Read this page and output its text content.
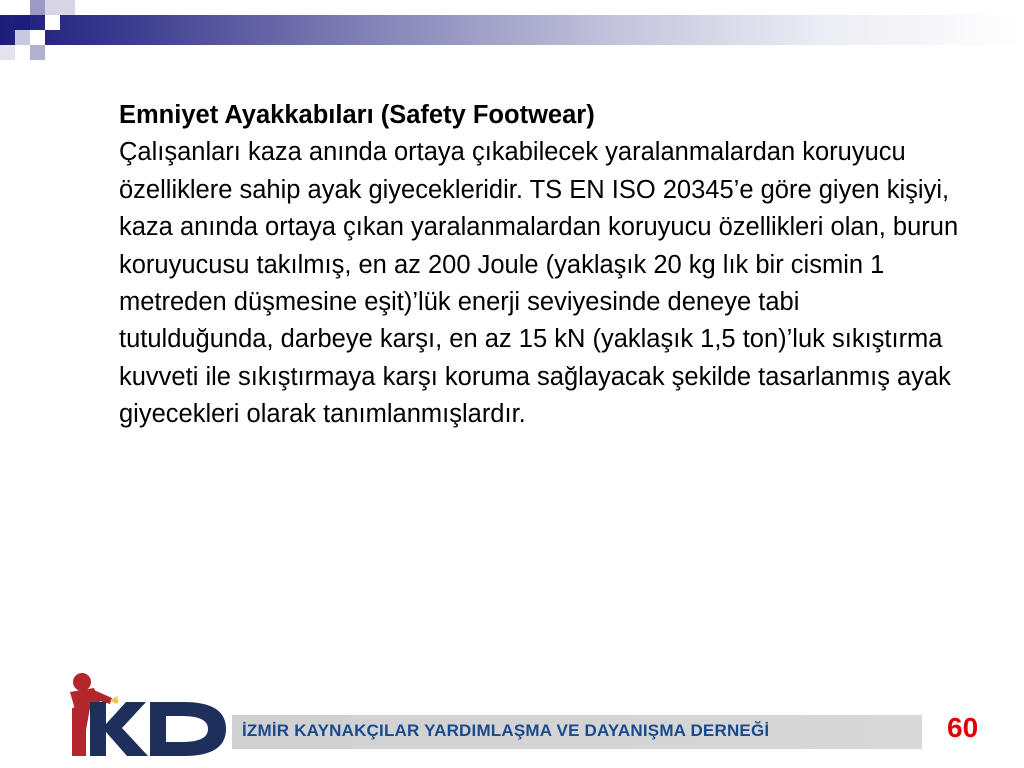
Emniyet Ayakkabıları (Safety Footwear)
Çalışanları kaza anında ortaya çıkabilecek yaralanmalardan koruyucu özelliklere sahip ayak giyecekleridir. TS EN ISO 20345’e göre giyen kişiyi, kaza anında ortaya çıkan yaralanmalardan koruyucu özellikleri olan, burun koruyucusu takılmış, en az 200 Joule (yaklaşık 20 kg lık bir cismin 1 metreden düşmesine eşit)’lük enerji seviyesinde deneye tabi tutulduğunda, darbeye karşı, en az 15 kN (yaklaşık 1,5 ton)’luk sıkıştırma kuvveti ile sıkıştırmaya karşı koruma sağlayacak şekilde tasarlanmış ayak giyecekleri olarak tanımlanmışlardır.
İZMİR KAYNAKÇILAR YARDIMLAŞMA VE DAYANIŞMA DERNEĞİ	60
